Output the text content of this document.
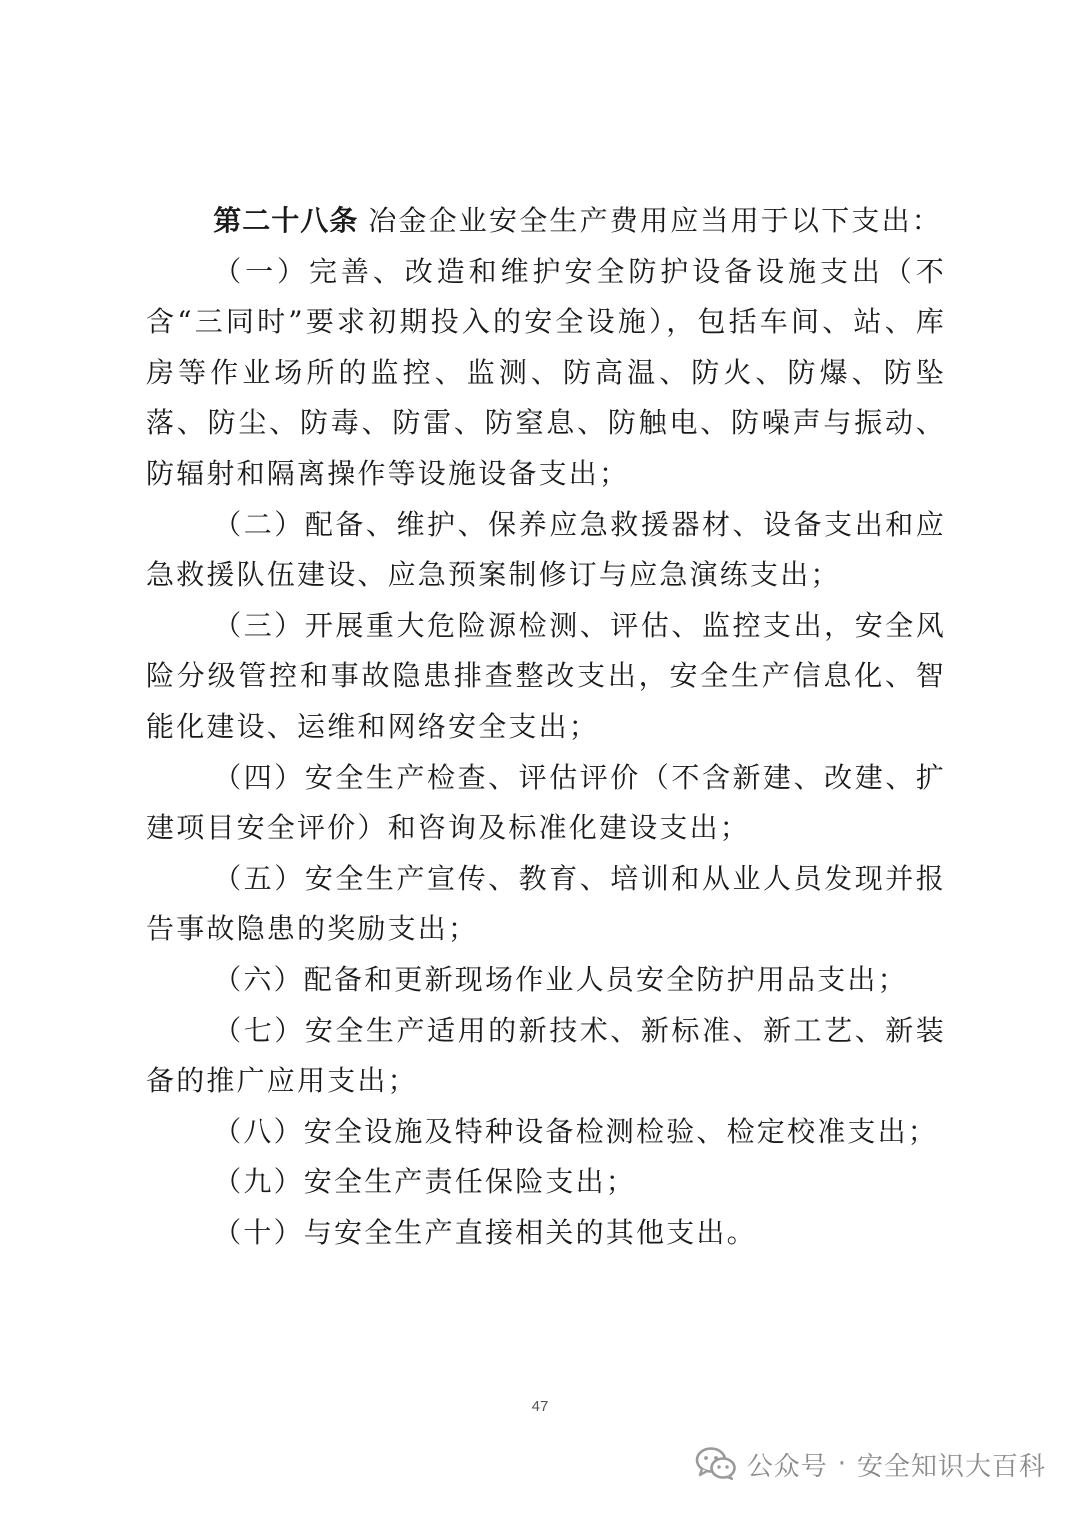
第二十八条 冶金企业安全生产费用应当用于以下支出：

（一）完善、改造和维护安全防护设备设施支出（不含“三同时”要求初期投入的安全设施），包括车间、站、库房等作业场所的监控、监测、防高温、防火、防爆、防坠落、防尘、防毒、防雷、防窒息、防触电、防噪声与振动、防辐射和隔离操作等设施设备支出；

（二）配备、维护、保养应急救援器材、设备支出和应急救援队伍建设、应急预案制修订与应急演练支出；

（三）开展重大危险源检测、评估、监控支出，安全风险分级管控和事故隐患排查整改支出，安全生产信息化、智能化建设、运维和网络安全支出；

（四）安全生产检查、评估评价（不含新建、改建、扩建项目安全评价）和咨询及标准化建设支出；

（五）安全生产宣传、教育、培训和从业人员发现并报告事故隐患的奖励支出；

（六）配备和更新现场作业人员安全防护用品支出；

（七）安全生产适用的新技术、新标准、新工艺、新装备的推广应用支出；

（八）安全设施及特种设备检测检验、检定校准支出；

（九）安全生产责任保险支出；

（十）与安全生产直接相关的其他支出。

47
公众号 · 安全知识大百科
